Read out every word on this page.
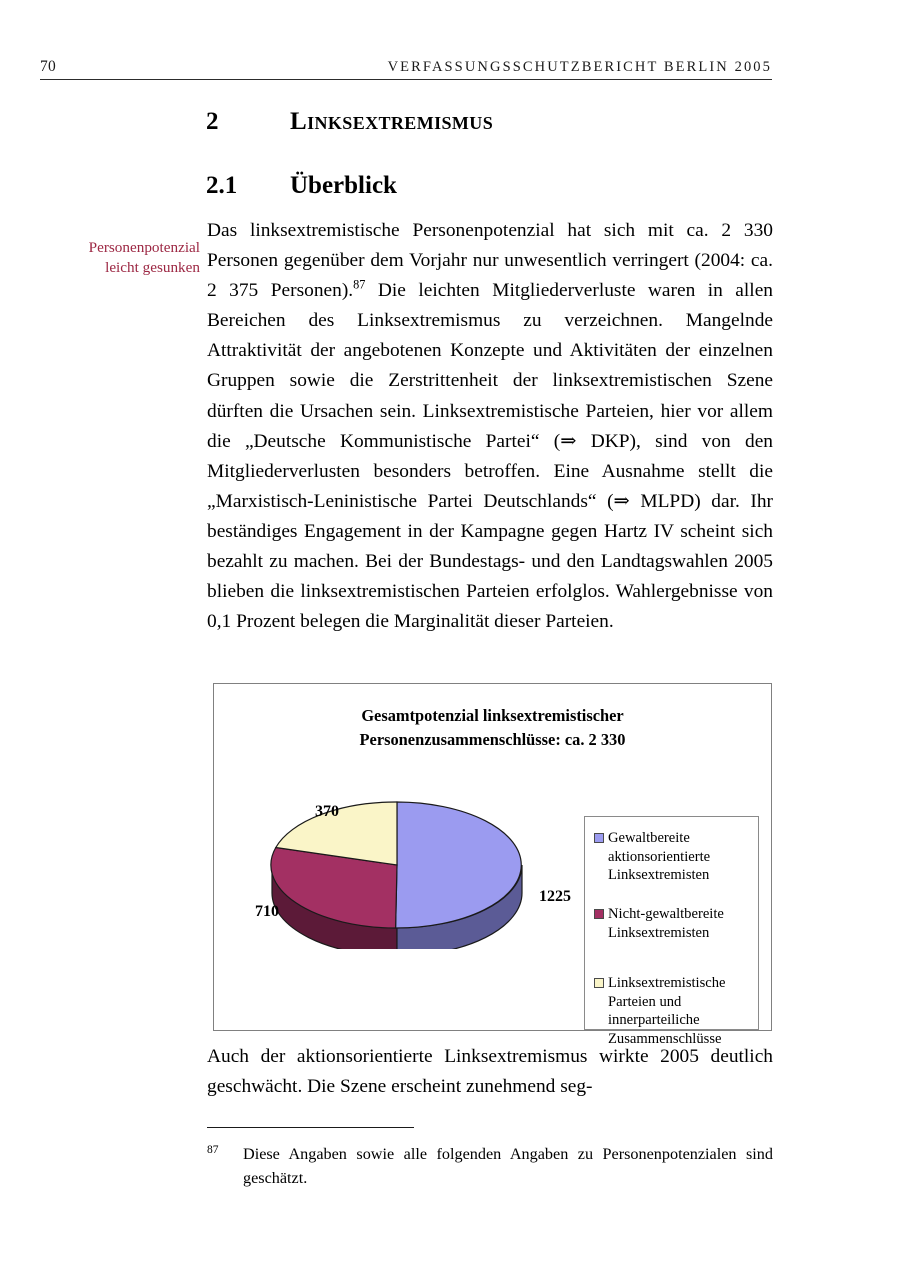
70	VERFASSUNGSSCHUTZBERICHT BERLIN 2005
2	Linksextremismus
2.1	Überblick
Personenpotenzial
leicht gesunken

Das linksextremistische Personenpotenzial hat sich mit ca. 2 330 Personen gegenüber dem Vorjahr nur unwesentlich verringert (2004: ca. 2 375 Personen).$^{87}$ Die leichten Mitgliederverluste waren in allen Bereichen des Linksextremismus zu verzeichnen. Mangelnde Attraktivität der angebotenen Konzepte und Aktivitäten der einzelnen Gruppen sowie die Zerstrittenheit der linksextremistischen Szene dürften die Ursachen sein. Linksextremistische Parteien, hier vor allem die „Deutsche Kommunistische Partei“ (⇒ DKP), sind von den Mitgliederverlusten besonders betroffen. Eine Ausnahme stellt die „Marxistisch-Leninistische Partei Deutschlands“ (⇒ MLPD) dar. Ihr beständiges Engagement in der Kampagne gegen Hartz IV scheint sich bezahlt zu machen. Bei der Bundestags- und den Landtagswahlen 2005 blieben die linksextremistischen Parteien erfolglos. Wahlergebnisse von 0,1 Prozent belegen die Marginalität dieser Parteien.

Gesamtpotenzial linksextremistischer
Personenzusammenschlüsse: ca. 2 330
1225
710
370
Gewaltbereite
aktionsorientierte
Linksextremisten
Nicht-gewaltbereite
Linksextremisten
Linksextremistische
Parteien und
innerparteiliche
Zusammenschlüsse

Auch der aktionsorientierte Linksextremismus wirkte 2005 deutlich geschwächt. Die Szene erscheint zunehmend seg-

87	Diese Angaben sowie alle folgenden Angaben zu Personenpotenzialen sind geschätzt.
